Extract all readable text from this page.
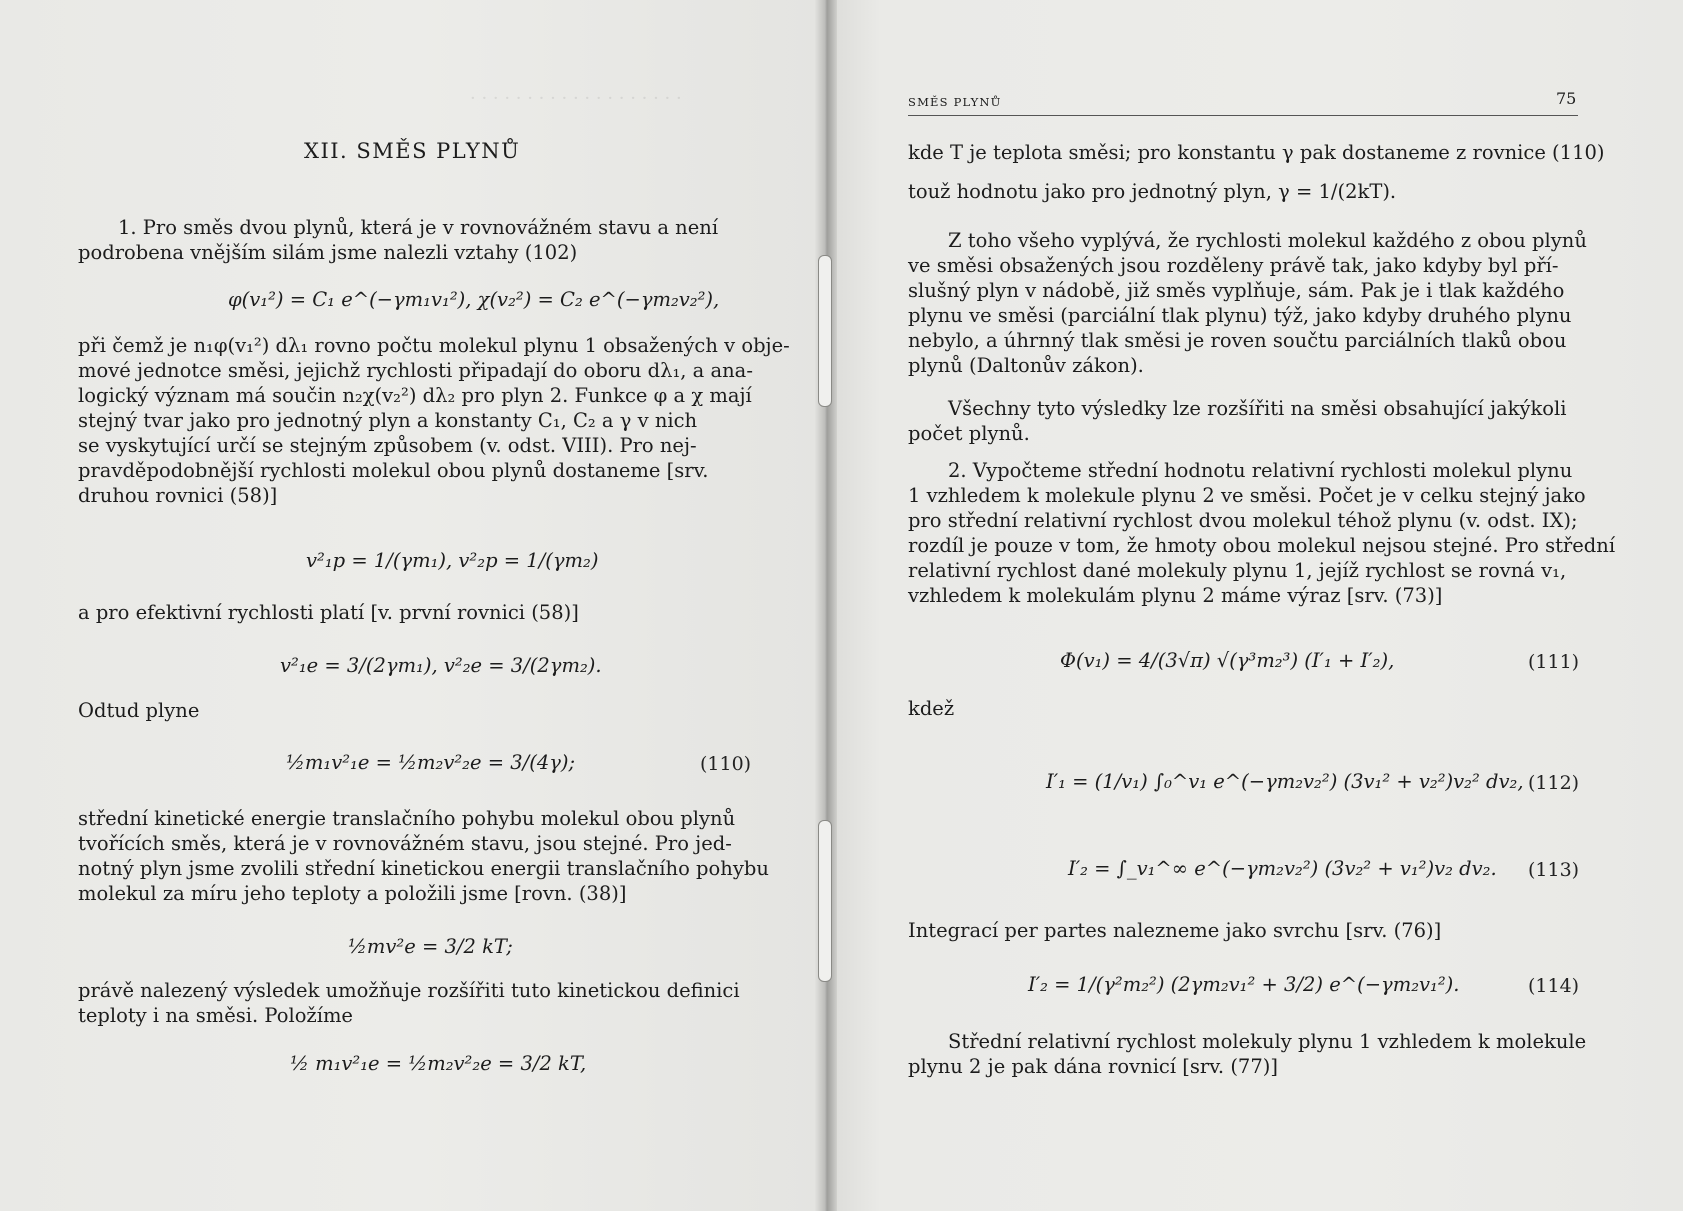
· · · · · · · · · · · · · · · · · · ·
XII. SMĚS PLYNŮ
1. Pro směs dvou plynů, která je v rovnovážném stavu a není
podrobena vnějším silám jsme nalezli vztahy (102)
φ(v₁²) = C₁ e^(−γm₁v₁²), χ(v₂²) = C₂ e^(−γm₂v₂²),
při čemž je n₁φ(v₁²) dλ₁ rovno počtu molekul plynu 1 obsažených v obje-
mové jednotce směsi, jejichž rychlosti připadají do oboru dλ₁, a ana-
logický význam má součin n₂χ(v₂²) dλ₂ pro plyn 2. Funkce φ a χ mají
stejný tvar jako pro jednotný plyn a konstanty C₁, C₂ a γ v nich
se vyskytující určí se stejným způsobem (v. odst. VIII). Pro nej-
pravděpodobnější rychlosti molekul obou plynů dostaneme [srv.
druhou rovnici (58)]
v²₁p = 1/(γm₁), v²₂p = 1/(γm₂)
a pro efektivní rychlosti platí [v. první rovnici (58)]
v²₁e = 3/(2γm₁), v²₂e = 3/(2γm₂).
Odtud plyne
½m₁v²₁e = ½m₂v²₂e = 3/(4γ);	(110)
střední kinetické energie translačního pohybu molekul obou plynů
tvořících směs, která je v rovnovážném stavu, jsou stejné. Pro jed-
notný plyn jsme zvolili střední kinetickou energii translačního pohybu
molekul za míru jeho teploty a položili jsme [rovn. (38)]
½mv²e = 3/2 kT;
právě nalezený výsledek umožňuje rozšířiti tuto kinetickou definici
teploty i na směsi. Položíme
½ m₁v²₁e = ½m₂v²₂e = 3/2 kT,
SMĚS PLYNŮ	75
kde T je teplota směsi; pro konstantu γ pak dostaneme z rovnice (110)
touž hodnotu jako pro jednotný plyn, γ = 1/(2kT).
Z toho všeho vyplývá, že rychlosti molekul každého z obou plynů
ve směsi obsažených jsou rozděleny právě tak, jako kdyby byl pří-
slušný plyn v nádobě, již směs vyplňuje, sám. Pak je i tlak každého
plynu ve směsi (parciální tlak plynu) týž, jako kdyby druhého plynu
nebylo, a úhrnný tlak směsi je roven součtu parciálních tlaků obou
plynů (Daltonův zákon).
Všechny tyto výsledky lze rozšířiti na směsi obsahující jakýkoli
počet plynů.
2. Vypočteme střední hodnotu relativní rychlosti molekul plynu
1 vzhledem k molekule plynu 2 ve směsi. Počet je v celku stejný jako
pro střední relativní rychlost dvou molekul téhož plynu (v. odst. IX);
rozdíl je pouze v tom, že hmoty obou molekul nejsou stejné. Pro střední
relativní rychlost dané molekuly plynu 1, jejíž rychlost se rovná v₁,
vzhledem k molekulám plynu 2 máme výraz [srv. (73)]
Φ(v₁) = 4/(3√π) √(γ³m₂³) (I′₁ + I′₂),	(111)
kdež
I′₁ = (1/v₁) ∫₀^v₁ e^(−γm₂v₂²) (3v₁² + v₂²)v₂² dv₂, (112)
I′₂ = ∫_v₁^∞ e^(−γm₂v₂²) (3v₂² + v₁²)v₂ dv₂. (113)
Integrací per partes nalezneme jako svrchu [srv. (76)]
I′₂ = 1/(γ²m₂²) (2γm₂v₁² + 3/2) e^(−γm₂v₁²).	(114)
Střední relativní rychlost molekuly plynu 1 vzhledem k molekule
plynu 2 je pak dána rovnicí [srv. (77)]
